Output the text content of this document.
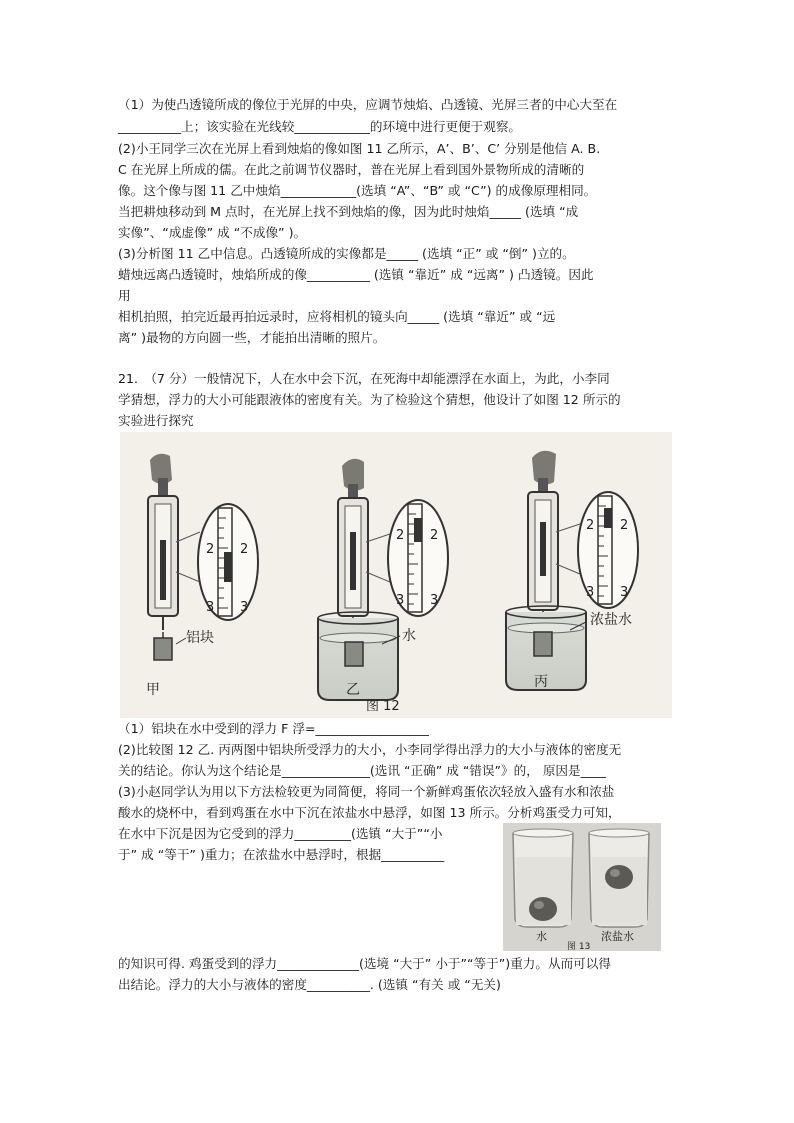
（1）为使凸透镜所成的像位于光屏的中央，应调节烛焰、凸透镜、光屏三者的中心大至在
__________上；该实验在光线较____________的环境中进行更便于观察。
(2)小王同学三次在光屏上看到烛焰的像如图 11 乙所示，A’、B’、C’ 分别是他信 A. B.
C 在光屏上所成的儒。在此之前调节仪器时，普在光屏上看到国外景物所成的清晰的
像。这个像与图 11 乙中烛焰____________(选填 “A”、“B” 或 “C”) 的成像原理相同。
当把耕烛移动到 M 点时，在光屏上找不到烛焰的像，因为此时烛焰_____ (选填 “成
实像”、“成虚像” 成 “不成像” )。
(3)分析图 11 乙中信息。凸透镜所成的实像都是_____ (选填 “正” 或 “倒” )立的。
蜡烛远离凸透镜时，烛焰所成的像__________ (选镇 “靠近” 成 “远离” ) 凸透镜。因此
用
相机拍照，拍完近最再拍远录时，应将相机的镜头向_____ (选填 “靠近” 或 “远
离” )最物的方向圆一些，才能拍出清晰的照片。
21.　（7 分）一般情况下，人在水中会下沉，在死海中却能漂浮在水面上，为此，小李同
学猜想，浮力的大小可能跟液体的密度有关。为了检验这个猜想，他设计了如图 12 所示的
实验进行探究
2 2
3 3
铝块
甲
2 2
3 3
水
乙
图 12
2 2
3 3
浓盐水
丙
（1）铝块在水中受到的浮力 F 浮=__________________
(2)比较图 12 乙. 丙两图中铝块所受浮力的大小，小李同学得出浮力的大小与液体的密度无
关的结论。你认为这个结论是______________(选讯 “正确” 成 “错误”》的， 原因是____
(3)小赵同学认为用以下方法检较更为同简便，将同一个新鲜鸡蛋依次轻放入盛有水和浓盐
酸水的烧杯中，看到鸡蛋在水中下沉在浓盐水中悬浮，如图 13 所示。分析鸡蛋受力可知，
在水中下沉是因为它受到的浮力_________(选镇 “大于”“小
于” 成 “等干” )重力；在浓盐水中悬浮时，根据__________
水	浓盐水
图 13
的知识可得. 鸡蛋受到的浮力_____________(选境 “大于” 小于”“等于”)重力。从而可以得
出结论。浮力的大小与液体的密度__________. (选镇 “有关 或 “无关)
